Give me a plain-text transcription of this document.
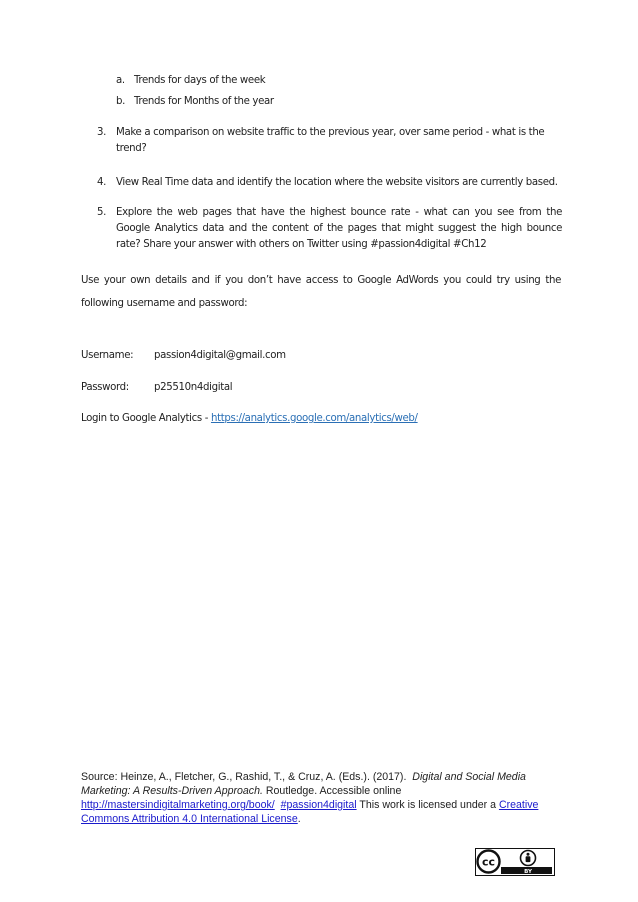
a. Trends for days of the week
b. Trends for Months of the year
3. Make a comparison on website traffic to the previous year, over same period - what is the trend?
4. View Real Time data and identify the location where the website visitors are currently based.
5. Explore the web pages that have the highest bounce rate - what can you see from the Google Analytics data and the content of the pages that might suggest the high bounce rate? Share your answer with others on Twitter using #passion4digital #Ch12
Use your own details and if you don’t have access to Google AdWords you could try using the following username and password:
Username: passion4digital@gmail.com
Password: p25510n4digital
Login to Google Analytics - https://analytics.google.com/analytics/web/
Source: Heinze, A., Fletcher, G., Rashid, T., & Cruz, A. (Eds.). (2017). Digital and Social Media Marketing: A Results-Driven Approach. Routledge. Accessible online
http://mastersindigitalmarketing.org/book/ #passion4digital This work is licensed under a Creative Commons Attribution 4.0 International License.
cc
BY
